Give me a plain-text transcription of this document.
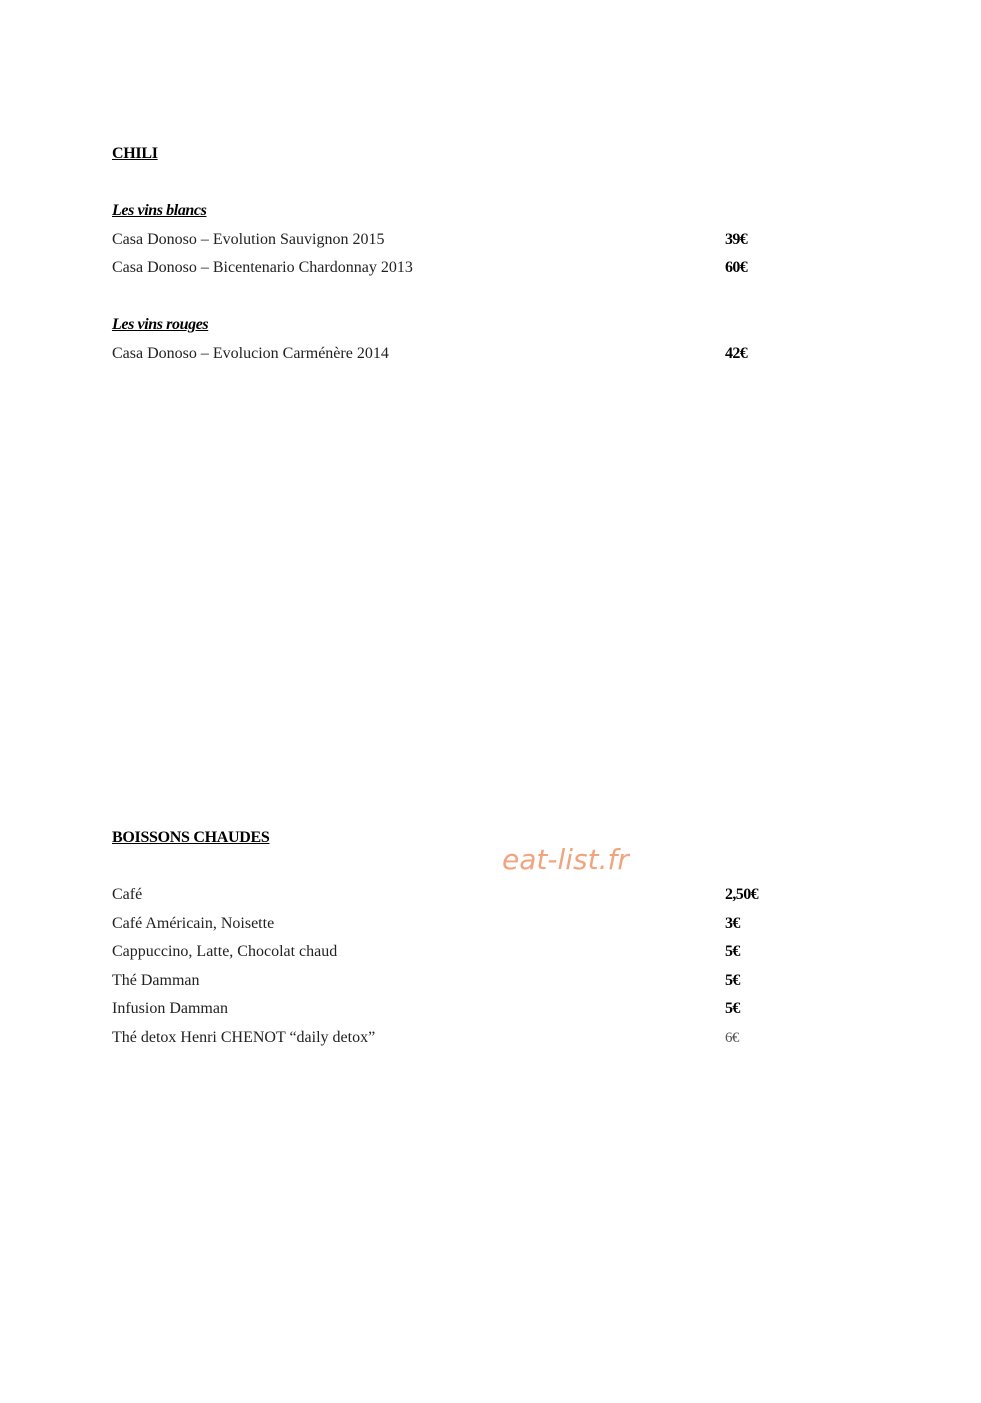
CHILI
Les vins blancs
Casa Donoso – Evolution Sauvignon 2015	39€
Casa Donoso – Bicentenario Chardonnay 2013	60€
Les vins rouges
Casa Donoso – Evolucion Carménère 2014	42€
BOISSONS CHAUDES
eat-list.fr
Café	2,50€
Café Américain, Noisette	3€
Cappuccino, Latte, Chocolat chaud	5€
Thé Damman	5€
Infusion Damman	5€
Thé detox Henri CHENOT “daily detox”	6€
